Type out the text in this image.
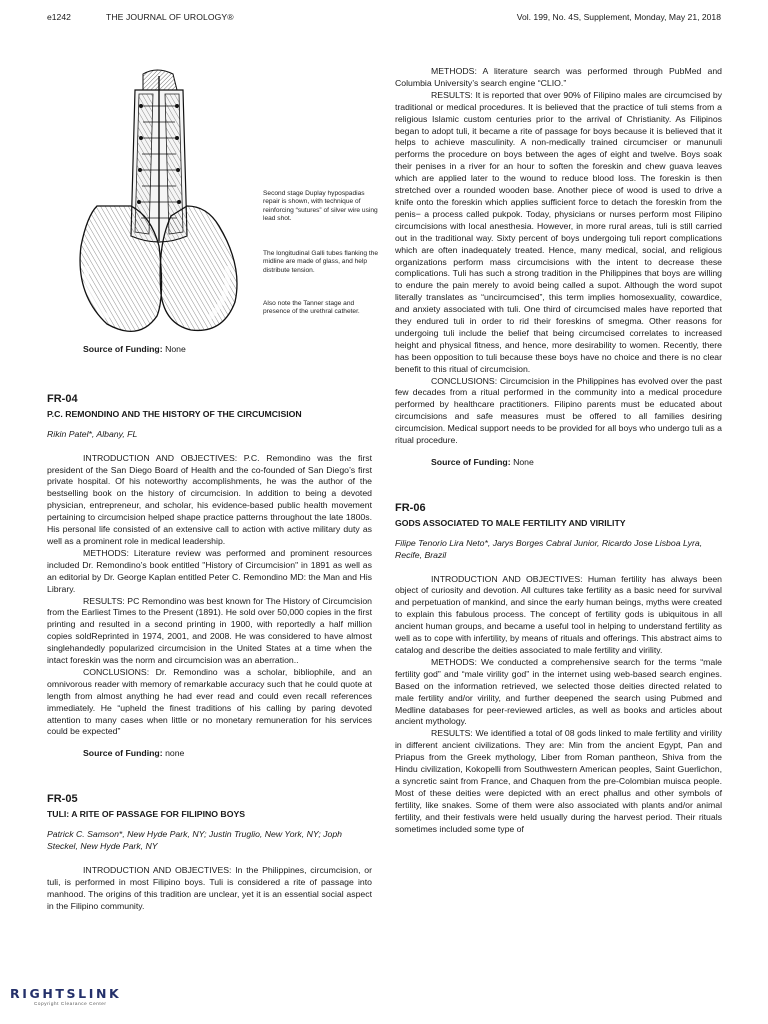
e1242	THE JOURNAL OF UROLOGY®	Vol. 199, No. 4S, Supplement, Monday, May 21, 2018
Second stage Duplay hypospadias repair is shown, with technique of reinforcing “sutures” of silver wire using lead shot.
The longitudinal Galli tubes flanking the midline are made of glass, and help distribute tension.
Also note the Tanner stage and presence of the urethral catheter.

Source of Funding: None

FR-04
P.C. REMONDINO AND THE HISTORY OF THE CIRCUMCISION
Rikin Patel*, Albany, FL

INTRODUCTION AND OBJECTIVES: P.C. Remondino was the first president of the San Diego Board of Health and the co-founded of San Diego’s first private hospital. Of his noteworthy accomplishments, he was the author of the bestselling book on the history of circumcision. In addition to being a devoted physician, entrepreneur, and scholar, his evidence-based public health movement pertaining to circumcision helped shape practice patterns throughout the late 1800s. His personal life consisted of an extensive call to action with active military duty as well as a prominent role in medical leadership.

METHODS: Literature review was performed and prominent resources included Dr. Remondino’s book entitled "History of Circumcision" in 1891 as well as an editorial by Dr. George Kaplan entitled Peter C. Remondino MD: the Man and His Library.

RESULTS: PC Remondino was best known for The History of Circumcision from the Earliest Times to the Present (1891). He sold over 50,000 copies in the first printing and resulted in a second printing in 1900, with reportedly a half million copies soldReprinted in 1974, 2001, and 2008. He was considered to have almost singlehandedly popularized circumcision in the United States at a time when the intact foreskin was the norm and circumcision was an aberration..

CONCLUSIONS: Dr. Remondino was a scholar, bibliophile, and an omnivorous reader with memory of remarkable accuracy such that he could quote at length from almost anything he had ever read and could even recall references immediately. He “upheld the finest traditions of his calling by paring devoted attention to many cases when little or no monetary remuneration for his services could be expected”

Source of Funding: none

FR-05
TULI: A RITE OF PASSAGE FOR FILIPINO BOYS
Patrick C. Samson*, New Hyde Park, NY; Justin Truglio, New York, NY; Joph Steckel, New Hyde Park, NY

INTRODUCTION AND OBJECTIVES: In the Philippines, circumcision, or tuli, is performed in most Filipino boys. Tuli is considered a rite of passage into manhood. The origins of this tradition are unclear, yet it is an essential social aspect in the Filipino community.

METHODS: A literature search was performed through PubMed and Columbia University’s search engine “CLIO.”

RESULTS: It is reported that over 90% of Filipino males are circumcised by traditional or medical procedures. It is believed that the practice of tuli stems from a religious Islamic custom centuries prior to the arrival of Christianity. As Filipinos began to adopt tuli, it became a rite of passage for boys because it is believed that it helps to achieve masculinity. A non-medically trained circumciser or manunuli performs the procedure on boys between the ages of eight and twelve. Boys soak their penises in a river for an hour to soften the foreskin and chew guava leaves which are applied later to the wound to reduce blood loss. The foreskin is then stretched over a rounded wooden base. Another piece of wood is used to drive a knife onto the foreskin which applies sufficient force to detach the foreskin from the penis− a process called pukpok. Today, physicians or nurses perform most Filipino circumcisions with local anesthesia. However, in more rural areas, tuli is still carried out in the traditional way. Sixty percent of boys undergoing tuli report complications which are often inadequately treated. Hence, many medical, social, and religious organizations perform mass circumcisions with the intent to decrease these complications. Tuli has such a strong tradition in the Philippines that boys are willing to endure the pain merely to avoid being called a supot. Although the word supot literally translates as “uncircumcised”, this term implies homosexuality, cowardice, and anxiety associated with tuli. One third of circumcised males have reported that they endured tuli in order to rid their foreskins of smegma. Other reasons for undergoing tuli include the belief that being circumcised correlates to increased height and physical fitness, and hence, more desirability to women. Recently, there has been opposition to tuli because these boys have no choice and there is no clear benefit to this ritual of circumcision.

CONCLUSIONS: Circumcision in the Philippines has evolved over the past few decades from a ritual performed in the community into a medical procedure performed by healthcare practitioners. Filipino parents must be educated about circumcisions and safe measures must be offered to all families desiring circumcision. Medical support needs to be provided for all boys who undergo tuli as a ritual procedure.

Source of Funding: None

FR-06
GODS ASSOCIATED TO MALE FERTILITY AND VIRILITY
Filipe Tenorio Lira Neto*, Jarys Borges Cabral Junior, Ricardo Jose Lisboa Lyra, Recife, Brazil

INTRODUCTION AND OBJECTIVES: Human fertility has always been object of curiosity and devotion. All cultures take fertility as a basic need for survival and perpetuation of mankind, and since the early human beings, myths were created to explain this fabulous process. The concept of fertility gods is ubiquitous in all ancient human groups, and became a useful tool in helping to understand fertility as well as to cope with infertility, by means of rituals and offerings. This abstract aims to catalog and describe the deities associated to male fertility and virility.

METHODS: We conducted a comprehensive search for the terms “male fertility god” and “male virility god” in the internet using web-based search engines. Based on the information retrieved, we selected those deities directed related to male fertility and/or virility, and further deepened the search using Pubmed and Medline databases for peer-reviewed articles, as well as books and articles about ancient mythology.

RESULTS: We identified a total of 08 gods linked to male fertility and virility in different ancient civilizations. They are: Min from the ancient Egypt, Pan and Priapus from the Greek mythology, Liber from Roman pantheon, Shiva from the Hindu civilization, Kokopelli from Southwestern American peoples, Saint Guerlichon, a syncretic saint from France, and Chaquen from the pre-Colombian muisca people. Most of these deities were depicted with an erect phallus and other symbols of fertility, like snakes. Some of them were also associated with plants and/or animal fertility, and their festivals were held usually during the harvest period. Their rituals sometimes included some type of

RIGHTSLINK
Copyright Clearance Center
